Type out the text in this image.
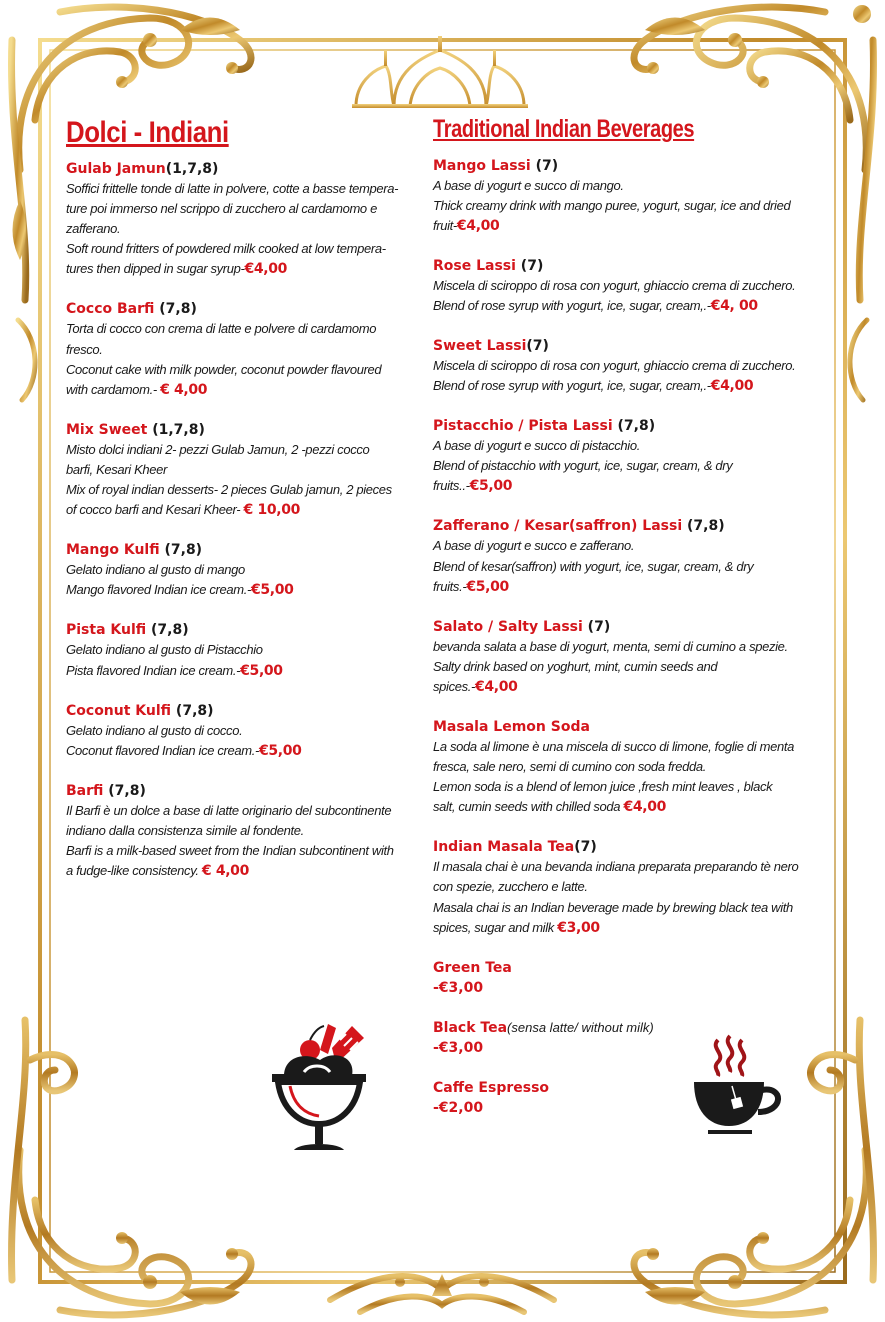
Dolci - Indiani
Gulab Jamun(1,7,8)
Soffici frittelle tonde di latte in polvere, cotte a basse tempera-
ture poi immerso nel scrippo di zucchero al cardamomo e
zafferano.
Soft round fritters of powdered milk cooked at low tempera-
tures then dipped in sugar syrup-€4,00
Cocco Barfi (7,8)
Torta di cocco con crema di latte e polvere di cardamomo
fresco.
Coconut cake with milk powder, coconut powder flavoured
with cardamom.- € 4,00
Mix Sweet (1,7,8)
Misto dolci indiani 2- pezzi Gulab Jamun, 2 -pezzi cocco
barfi, Kesari Kheer
Mix of royal indian desserts- 2 pieces Gulab jamun, 2 pieces
of cocco barfi and Kesari Kheer- € 10,00
Mango Kulfi (7,8)
Gelato indiano al gusto di mango
Mango flavored Indian ice cream.-€5,00
Pista Kulfi (7,8)
Gelato indiano al gusto di Pistacchio
Pista flavored Indian ice cream.-€5,00
Coconut Kulfi (7,8)
Gelato indiano al gusto di cocco.
Coconut flavored Indian ice cream.-€5,00
Barfi (7,8)
Il Barfi è un dolce a base di latte originario del subcontinente
indiano dalla consistenza simile al fondente.
Barfi is a milk-based sweet from the Indian subcontinent with
a fudge-like consistency. € 4,00
Traditional Indian Beverages
Mango Lassi (7)
A base di yogurt e succo di mango.
Thick creamy drink with mango puree, yogurt, sugar, ice and dried
fruit-€4,00
Rose Lassi (7)
Miscela di sciroppo di rosa con yogurt, ghiaccio crema di zucchero.
Blend of rose syrup with yogurt, ice, sugar, cream,.-€4, 00
Sweet Lassi(7)
Miscela di sciroppo di rosa con yogurt, ghiaccio crema di zucchero.
Blend of rose syrup with yogurt, ice, sugar, cream,.-€4,00
Pistacchio / Pista Lassi (7,8)
A base di yogurt e succo di pistacchio.
Blend of pistacchio with yogurt, ice, sugar, cream, & dry
fruits..-€5,00
Zafferano / Kesar(saffron) Lassi (7,8)
A base di yogurt e succo e zafferano.
Blend of kesar(saffron) with yogurt, ice, sugar, cream, & dry
fruits.-€5,00
Salato / Salty Lassi (7)
bevanda salata a base di yogurt, menta, semi di cumino a spezie.
Salty drink based on yoghurt, mint, cumin seeds and
spices.-€4,00
Masala Lemon Soda
La soda al limone è una miscela di succo di limone, foglie di menta
fresca, sale nero, semi di cumino con soda fredda.
Lemon soda is a blend of lemon juice ,fresh mint leaves , black
salt, cumin seeds with chilled soda €4,00
Indian Masala Tea(7)
Il masala chai è una bevanda indiana preparata preparando tè nero
con spezie, zucchero e latte.
Masala chai is an Indian beverage made by brewing black tea with
spices, sugar and milk €3,00
Green Tea
-€3,00
Black Tea(sensa latte/ without milk)
-€3,00
Caffe Espresso
-€2,00
